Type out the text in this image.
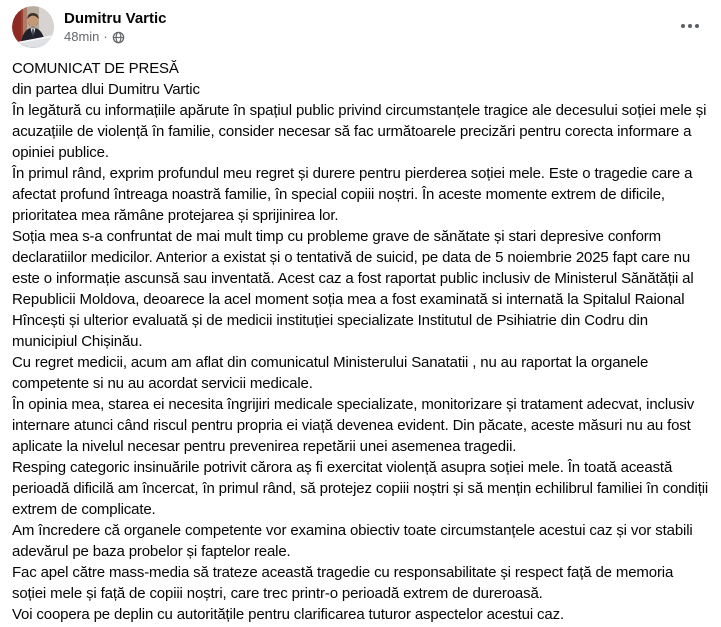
Dumitru Vartic
48min ·

COMUNICAT DE PRESĂ

din partea dlui Dumitru Vartic

În legătură cu informațiile apărute în spațiul public privind circumstanțele tragice ale decesului soției mele și acuzațiile de violență în familie, consider necesar să fac următoarele precizări pentru corecta informare a opiniei publice.

În primul rând, exprim profundul meu regret și durere pentru pierderea soției mele. Este o tragedie care a afectat profund întreaga noastră familie, în special copiii noștri. În aceste momente extrem de dificile, prioritatea mea rămâne protejarea și sprijinirea lor.

Soția mea s-a confruntat de mai mult timp cu probleme grave de sănătate și stari depresive conform declaratiilor medicilor. Anterior a existat și o tentativă de suicid, pe data de 5 noiembrie 2025 fapt care nu este o informație ascunsă sau inventată. Acest caz a fost raportat public inclusiv de Ministerul Sănătății al Republicii Moldova, deoarece la acel moment soția mea a fost examinată si internată la Spitalul Raional Hîncești și ulterior evaluată și de medicii instituției specializate Institutul de Psihiatrie din Codru din municipiul Chișinău.

Cu regret medicii, acum am aflat din comunicatul Ministerului Sanatatii , nu au raportat la organele competente si nu au acordat servicii medicale.

În opinia mea, starea ei necesita îngrijiri medicale specializate, monitorizare și tratament adecvat, inclusiv internare atunci când riscul pentru propria ei viață devenea evident. Din păcate, aceste măsuri nu au fost aplicate la nivelul necesar pentru prevenirea repetării unei asemenea tragedii.

Resping categoric insinuările potrivit cărora aș fi exercitat violență asupra soției mele. În toată această perioadă dificilă am încercat, în primul rând, să protejez copiii noștri și să mențin echilibrul familiei în condiții extrem de complicate.

Am încredere că organele competente vor examina obiectiv toate circumstanțele acestui caz și vor stabili adevărul pe baza probelor și faptelor reale.

Fac apel către mass-media să trateze această tragedie cu responsabilitate și respect față de memoria soției mele și față de copiii noștri, care trec printr-o perioadă extrem de dureroasă.

Voi coopera pe deplin cu autoritățile pentru clarificarea tuturor aspectelor acestui caz.
